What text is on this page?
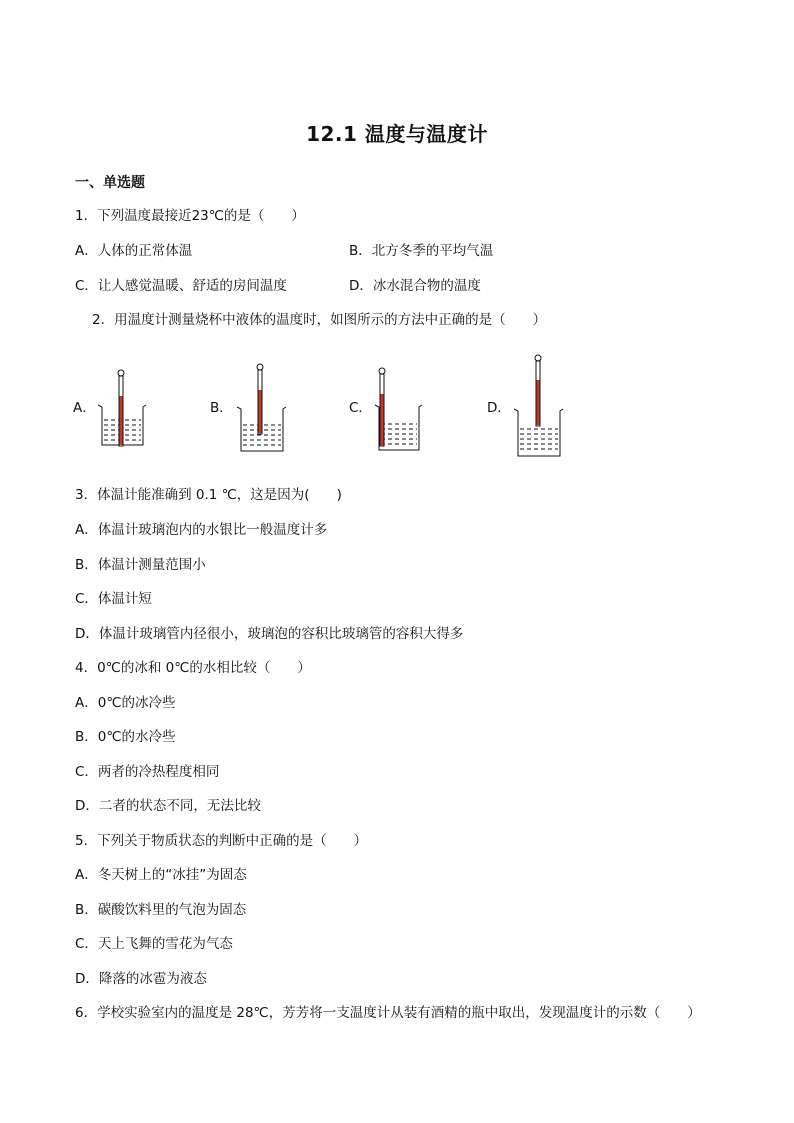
12.1 温度与温度计
一、单选题
1．下列温度最接近23℃的是（　　）
A．人体的正常体温	B．北方冬季的平均气温
C．让人感觉温暖、舒适的房间温度	D．冰水混合物的温度
2．用温度计测量烧杯中液体的温度时，如图所示的方法中正确的是（　　）
A．	B．	C．	D．
3．体温计能准确到 0.1 ℃，这是因为(　　)
A．体温计玻璃泡内的水银比一般温度计多
B．体温计测量范围小
C．体温计短
D．体温计玻璃管内径很小，玻璃泡的容积比玻璃管的容积大得多
4．0℃的冰和 0℃的水相比较（　　）
A．0℃的冰冷些
B．0℃的水冷些
C．两者的冷热程度相同
D．二者的状态不同，无法比较
5．下列关于物质状态的判断中正确的是（　　）
A．冬天树上的“冰挂”为固态
B．碳酸饮料里的气泡为固态
C．天上飞舞的雪花为气态
D．降落的冰雹为液态
6．学校实验室内的温度是 28℃，芳芳将一支温度计从装有酒精的瓶中取出，发现温度计的示数（　　）
